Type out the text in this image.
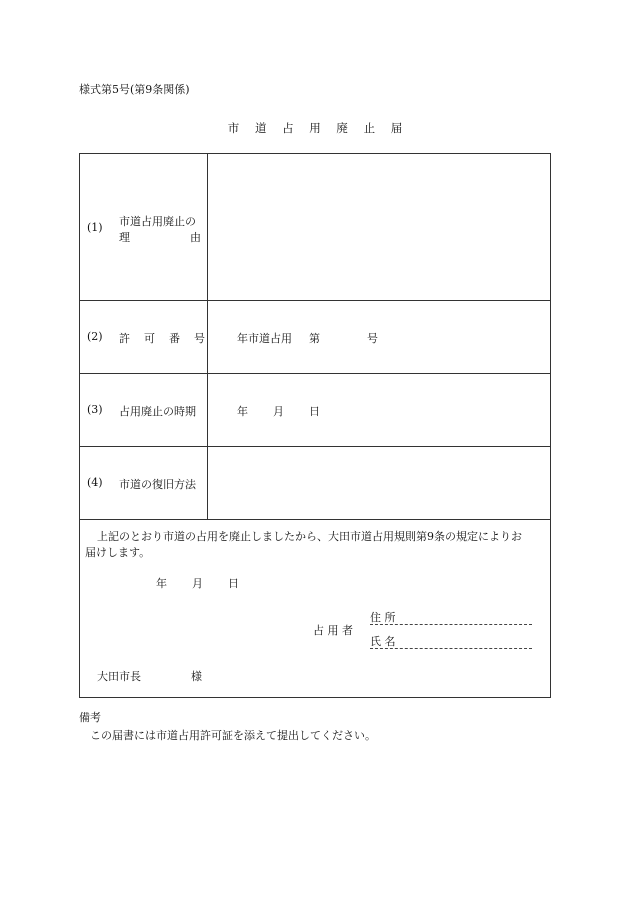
様式第5号(第9条関係)
市 道 占 用 廃 止 届
(1) 市道占用廃止の
理	由
(2) 許 可 番 号	年市道占用 第	号
(3) 占用廃止の時期	年 月 日
(4) 市道の復旧方法
上記のとおり市道の占用を廃止しましたから、大田市道占用規則第9条の規定によりお
届けします。
年 月 日
占 用 者
住 所
氏 名
大田市長	様
備考
この届書には市道占用許可証を添えて提出してください。
